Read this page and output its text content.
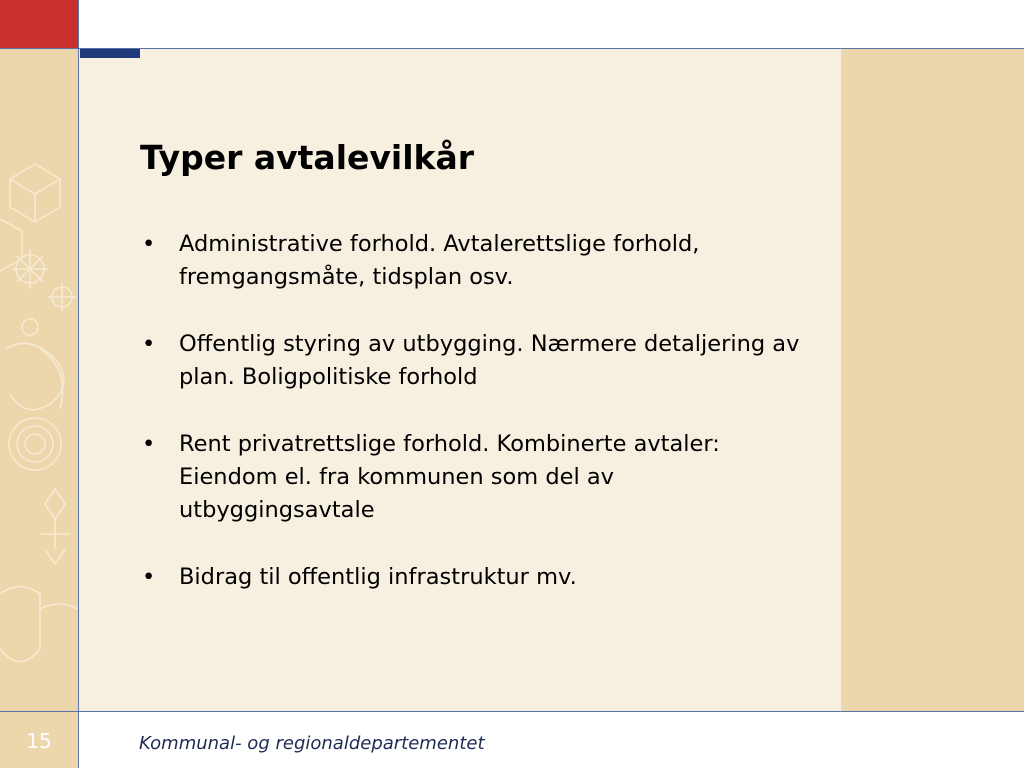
Typer avtalevilkår
• Administrative forhold. Avtalerettslige forhold, fremgangsmåte, tidsplan osv.
• Offentlig styring av utbygging. Nærmere detaljering av plan. Boligpolitiske forhold
• Rent privatrettslige forhold. Kombinerte avtaler: Eiendom el. fra kommunen som del av utbyggingsavtale
• Bidrag til offentlig infrastruktur mv.
15	Kommunal- og regionaldepartementet
